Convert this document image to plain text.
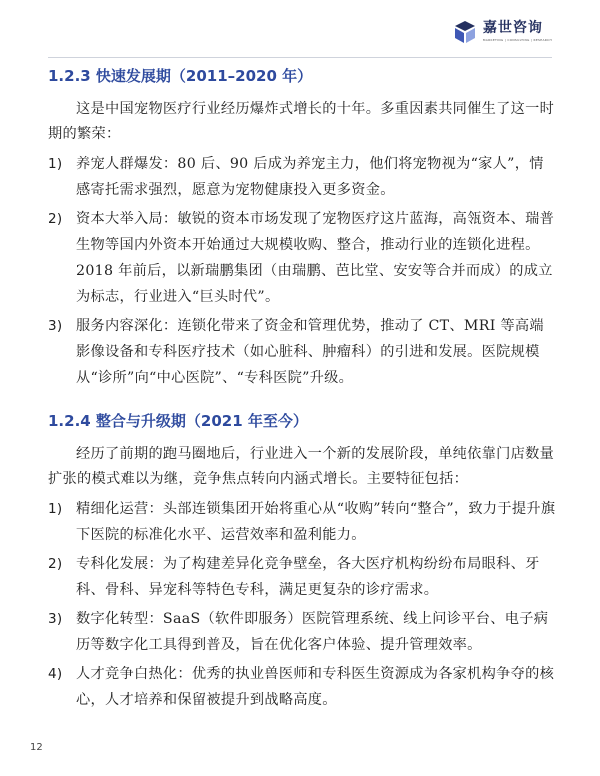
嘉世咨询
MARKETING | CONSULTING | RESEARCH
1.2.3 快速发展期（2011–2020 年）

这是中国宠物医疗行业经历爆炸式增长的十年。多重因素共同催生了这一时期的繁荣：

1) 养宠人群爆发：80 后、90 后成为养宠主力，他们将宠物视为“家人”，情感寄托需求强烈，愿意为宠物健康投入更多资金。
2) 资本大举入局：敏锐的资本市场发现了宠物医疗这片蓝海，高瓴资本、瑞普生物等国内外资本开始通过大规模收购、整合，推动行业的连锁化进程。2018 年前后，以新瑞鹏集团（由瑞鹏、芭比堂、安安等合并而成）的成立为标志，行业进入“巨头时代”。
3) 服务内容深化：连锁化带来了资金和管理优势，推动了 CT、MRI 等高端影像设备和专科医疗技术（如心脏科、肿瘤科）的引进和发展。医院规模从“诊所”向“中心医院”、“专科医院”升级。
1.2.4 整合与升级期（2021 年至今）

经历了前期的跑马圈地后，行业进入一个新的发展阶段，单纯依靠门店数量扩张的模式难以为继，竞争焦点转向内涵式增长。主要特征包括：

1) 精细化运营：头部连锁集团开始将重心从“收购”转向“整合”，致力于提升旗下医院的标准化水平、运营效率和盈利能力。
2) 专科化发展：为了构建差异化竞争壁垒，各大医疗机构纷纷布局眼科、牙科、骨科、异宠科等特色专科，满足更复杂的诊疗需求。
3) 数字化转型：SaaS（软件即服务）医院管理系统、线上问诊平台、电子病历等数字化工具得到普及，旨在优化客户体验、提升管理效率。
4) 人才竞争白热化：优秀的执业兽医师和专科医生资源成为各家机构争夺的核心，人才培养和保留被提升到战略高度。
12
